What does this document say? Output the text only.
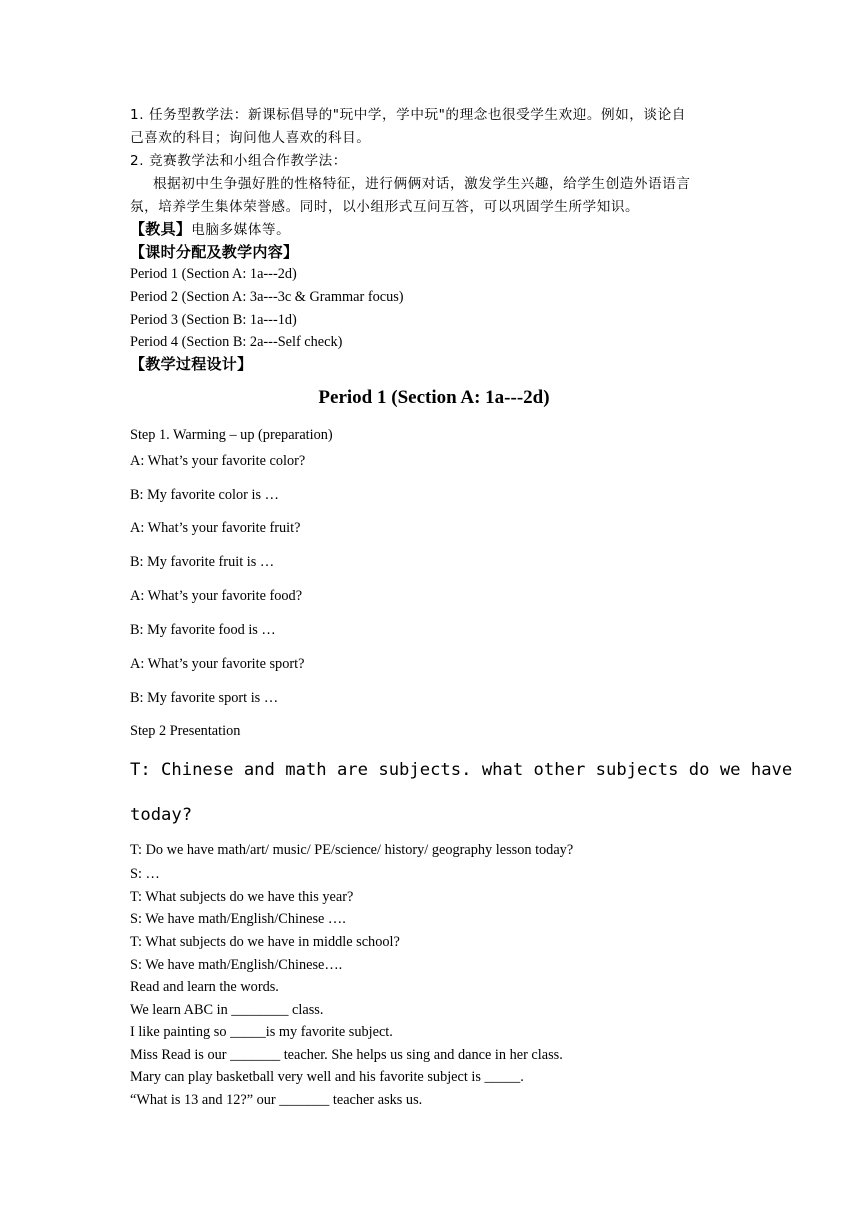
1. 任务型教学法：新课标倡导的"玩中学，学中玩"的理念也很受学生欢迎。例如，谈论自

己喜欢的科目；询问他人喜欢的科目。

2. 竞赛教学法和小组合作教学法：

根据初中生争强好胜的性格特征，进行俩俩对话，激发学生兴趣，给学生创造外语语言

氛，培养学生集体荣誉感。同时，以小组形式互问互答，可以巩固学生所学知识。

【教具】电脑多媒体等。

【课时分配及教学内容】

Period 1 (Section A: 1a---2d)

Period 2 (Section A: 3a---3c & Grammar focus)

Period 3 (Section B: 1a---1d)

Period 4 (Section B: 2a---Self check)

【教学过程设计】

Period 1 (Section A: 1a---2d)

Step 1. Warming – up (preparation)

A: What’s your favorite color?

B: My favorite color is …

A: What’s your favorite fruit?

B: My favorite fruit is …

A: What’s your favorite food?

B: My favorite food is …

A: What’s your favorite sport?

B: My favorite sport is …

Step 2 Presentation

T: Chinese and math are subjects. what other subjects do we have

today?

T: Do we have math/art/ music/ PE/science/ history/ geography lesson today?

S: …

T: What subjects do we have this year?

S: We have math/English/Chinese ….

T: What subjects do we have in middle school?

S: We have math/English/Chinese….

Read and learn the words.

We learn ABC in ________ class.

I like painting so _____is my favorite subject.

Miss Read is our _______ teacher. She helps us sing and dance in her class.

Mary can play basketball very well and his favorite subject is _____.

“What is 13 and 12?” our _______ teacher asks us.
